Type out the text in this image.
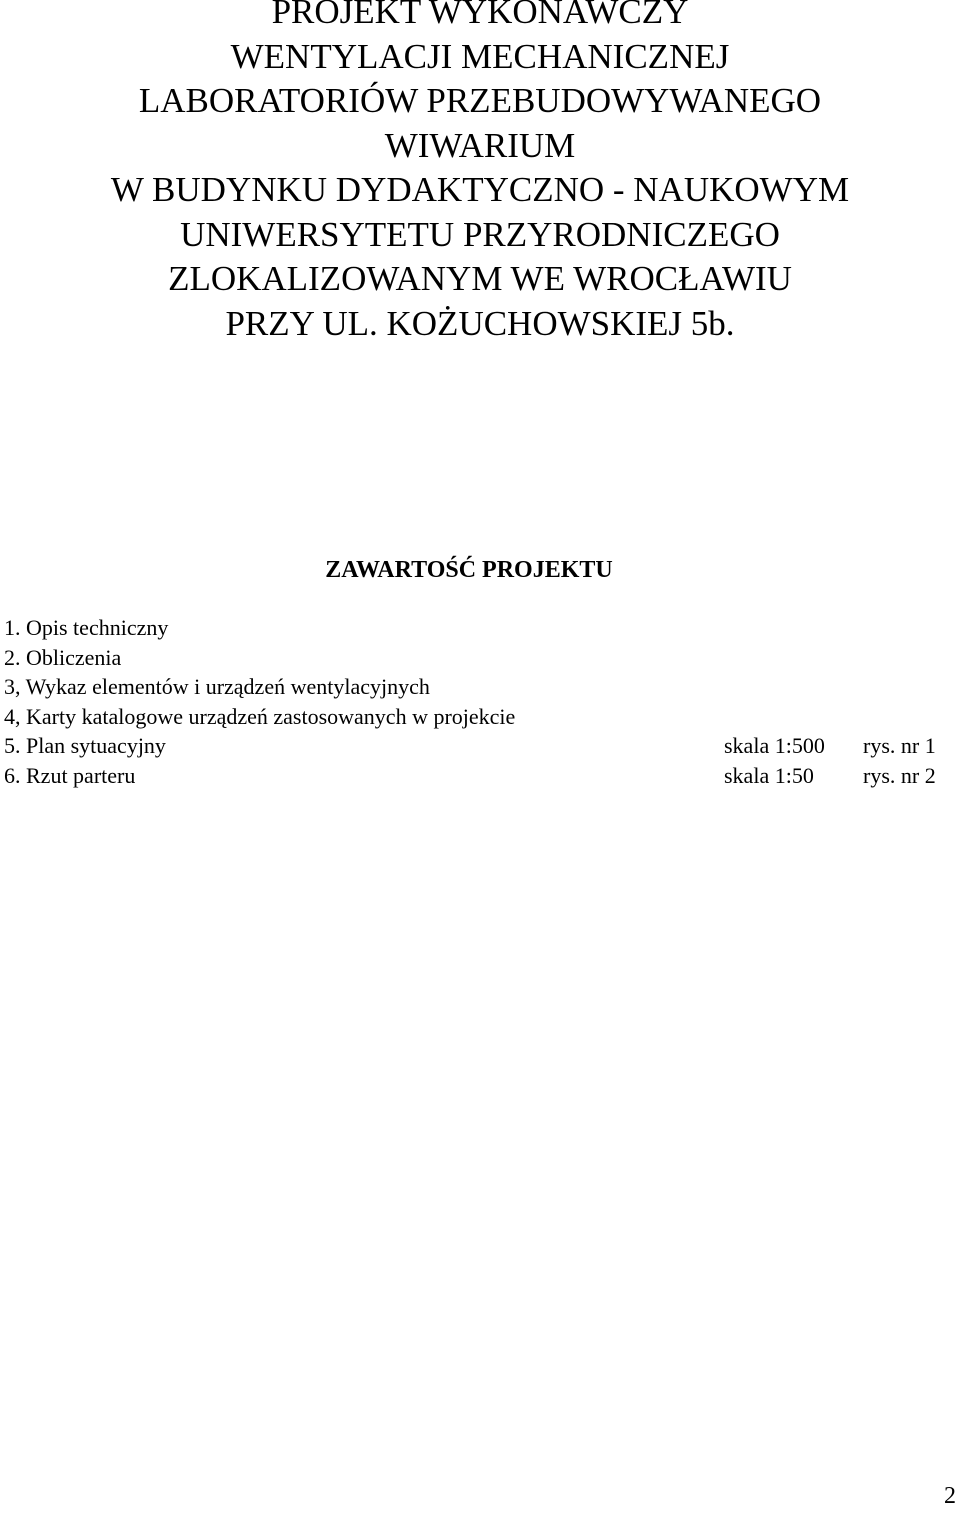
PROJEKT WYKONAWCZY
WENTYLACJI MECHANICZNEJ
LABORATORIÓW PRZEBUDOWYWANEGO
WIWARIUM
W BUDYNKU DYDAKTYCZNO - NAUKOWYM
UNIWERSYTETU PRZYRODNICZEGO
ZLOKALIZOWANYM WE WROCŁAWIU
PRZY UL. KOŻUCHOWSKIEJ 5b.
ZAWARTOŚĆ PROJEKTU
1. Opis techniczny
2. Obliczenia
3, Wykaz elementów i urządzeń wentylacyjnych
4, Karty katalogowe urządzeń zastosowanych w projekcie
5. Plan sytuacyjny	skala 1:500 rys. nr 1
6. Rzut parteru	skala 1:50 rys. nr 2
2
